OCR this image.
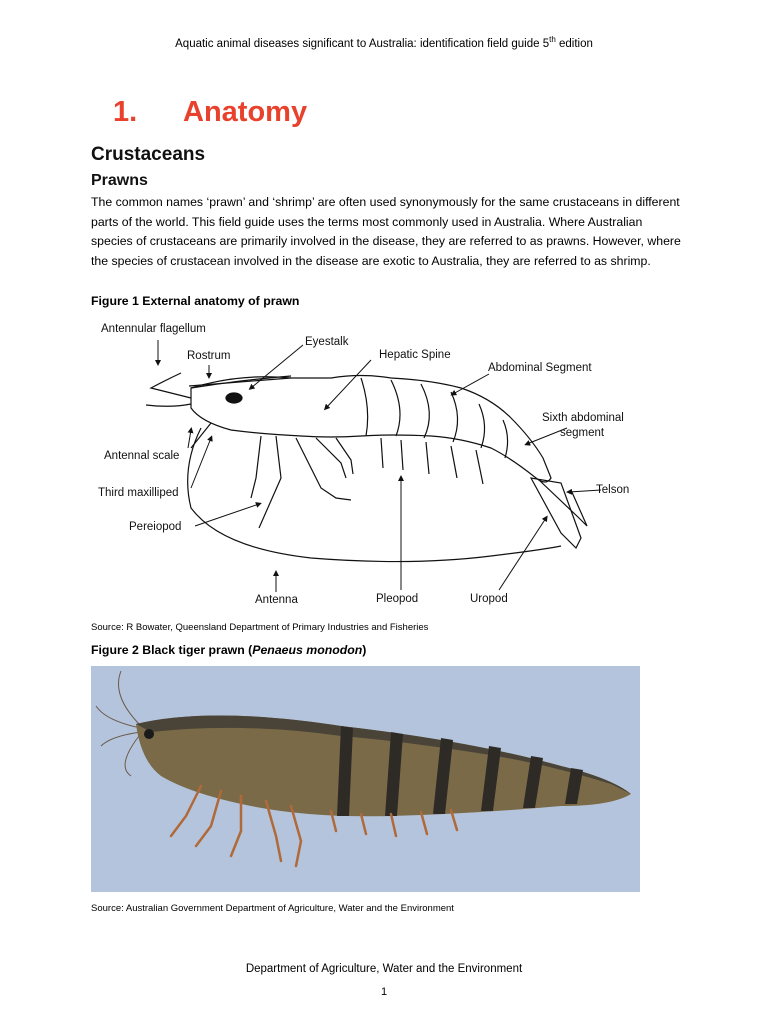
Aquatic animal diseases significant to Australia: identification field guide 5th edition
1. Anatomy
Crustaceans
Prawns
The common names ‘prawn’ and ‘shrimp’ are often used synonymously for the same crustaceans in different parts of the world. This field guide uses the terms most commonly used in Australia. Where Australian species of crustaceans are primarily involved in the disease, they are referred to as prawns. However, where the species of crustacean involved in the disease are exotic to Australia, they are referred to as shrimp.
Figure 1 External anatomy of prawn
Antennular flagellum
Rostrum
Eyestalk
Hepatic Spine
Abdominal Segment
Sixth abdominal
segment
Antennal scale
Third maxilliped	Telson
Pereiopod
Antenna	Pleopod	Uropod
Source: R Bowater, Queensland Department of Primary Industries and Fisheries
Figure 2 Black tiger prawn (Penaeus monodon)
Source: Australian Government Department of Agriculture, Water and the Environment
Department of Agriculture, Water and the Environment
1
